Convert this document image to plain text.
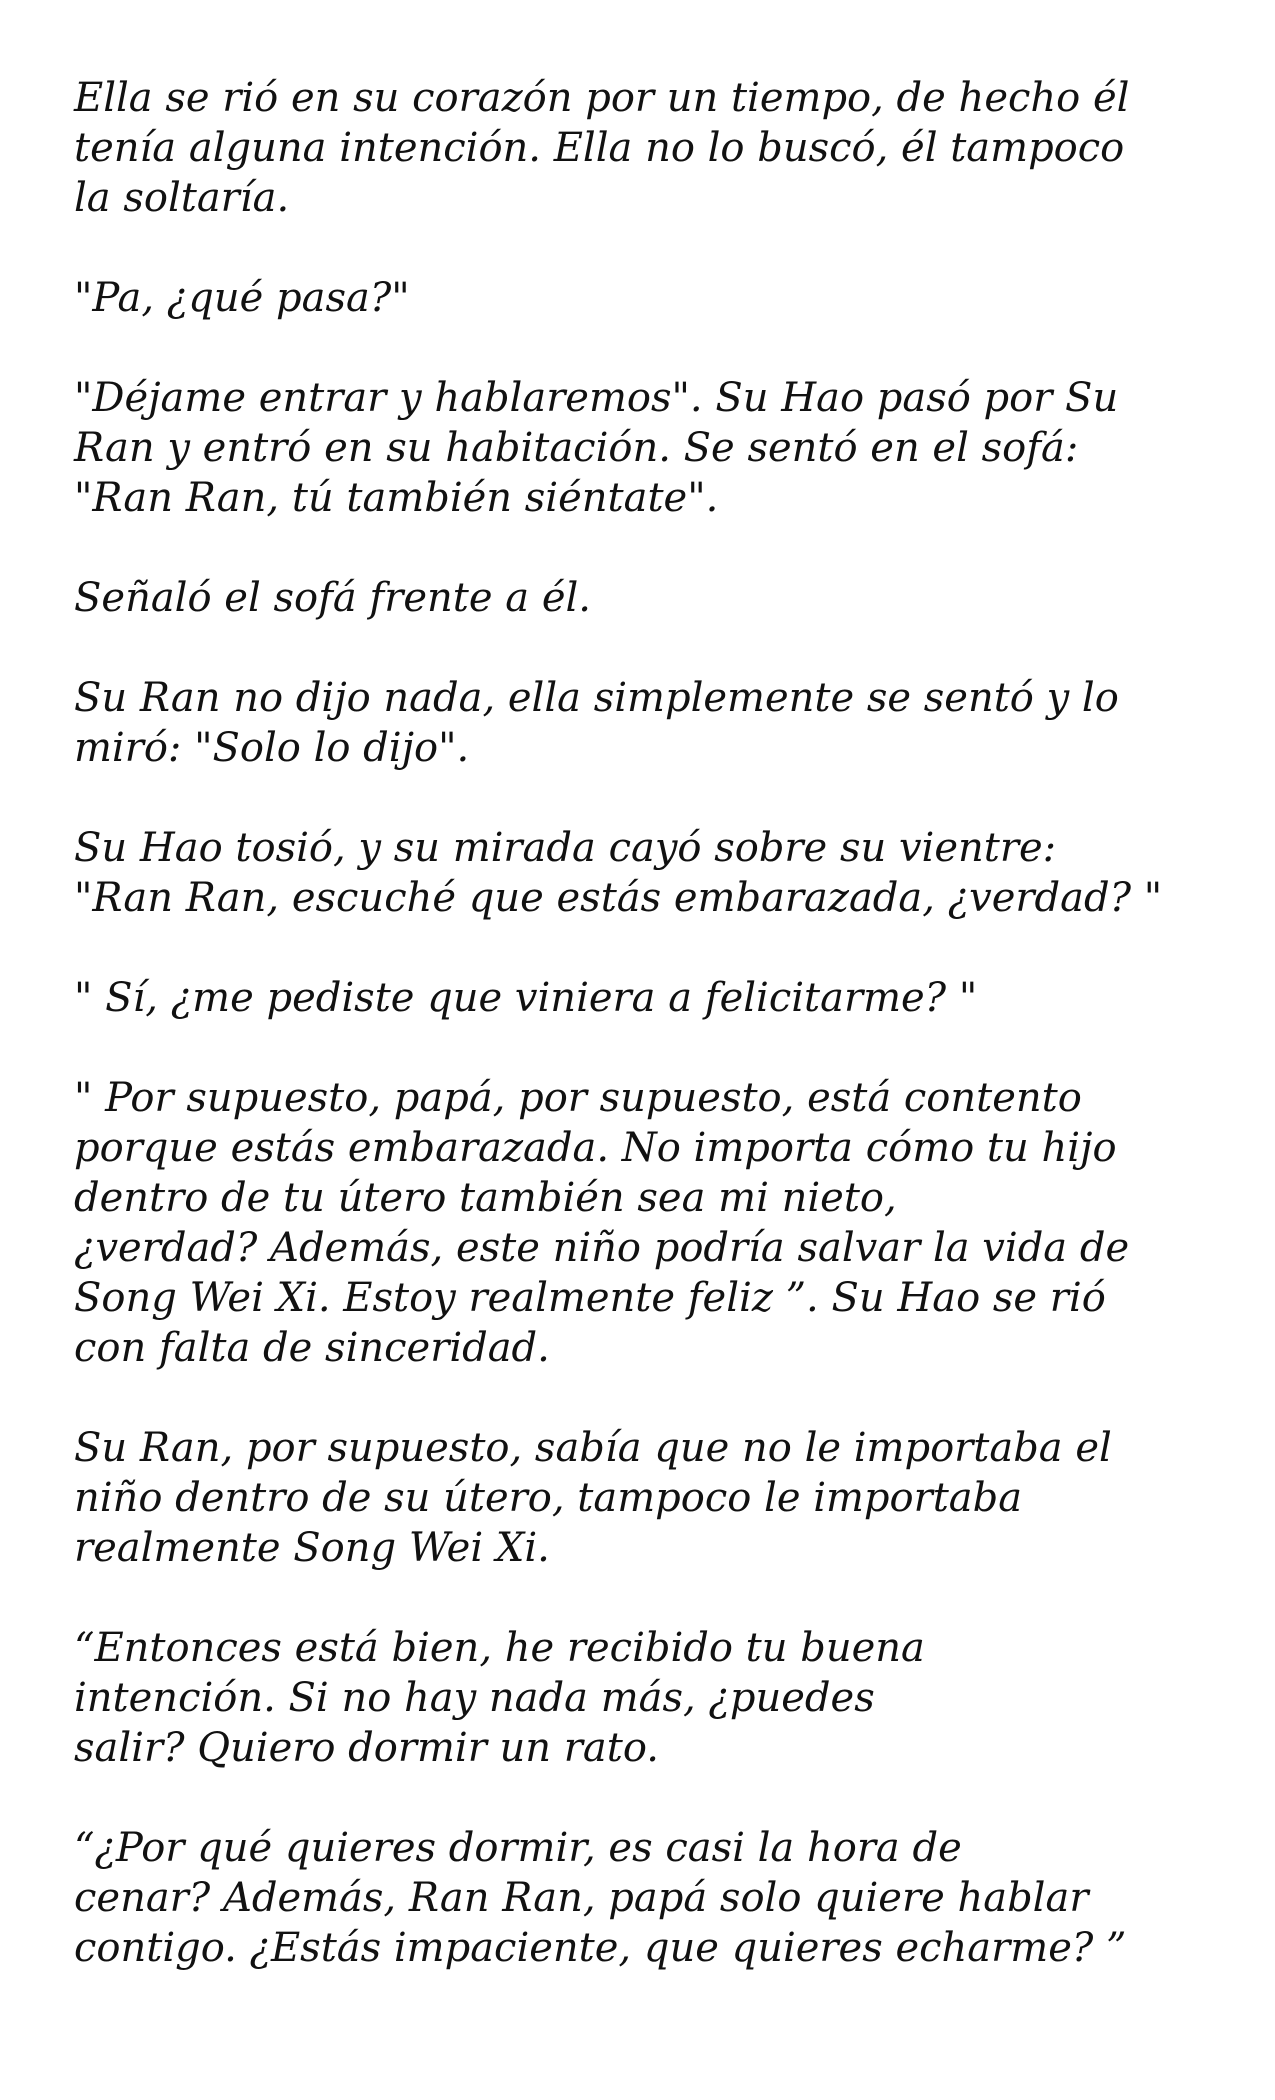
Ella se rió en su corazón por un tiempo, de hecho él
tenía alguna intención. Ella no lo buscó, él tampoco
la soltaría.

"Pa, ¿qué pasa?"

"Déjame entrar y hablaremos". Su Hao pasó por Su
Ran y entró en su habitación. Se sentó en el sofá:
"Ran Ran, tú también siéntate".

Señaló el sofá frente a él.

Su Ran no dijo nada, ella simplemente se sentó y lo
miró: "Solo lo dijo".

Su Hao tosió, y su mirada cayó sobre su vientre:
"Ran Ran, escuché que estás embarazada, ¿verdad? "

" Sí, ¿me pediste que viniera a felicitarme? "

" Por supuesto, papá, por supuesto, está contento
porque estás embarazada. No importa cómo tu hijo
dentro de tu útero también sea mi nieto,
¿verdad? Además, este niño podría salvar la vida de
Song Wei Xi. Estoy realmente feliz ”. Su Hao se rió
con falta de sinceridad.

Su Ran, por supuesto, sabía que no le importaba el
niño dentro de su útero, tampoco le importaba
realmente Song Wei Xi.

“Entonces está bien, he recibido tu buena
intención. Si no hay nada más, ¿puedes
salir? Quiero dormir un rato.

“¿Por qué quieres dormir, es casi la hora de
cenar? Además, Ran Ran, papá solo quiere hablar
contigo. ¿Estás impaciente, que quieres echarme? ”
